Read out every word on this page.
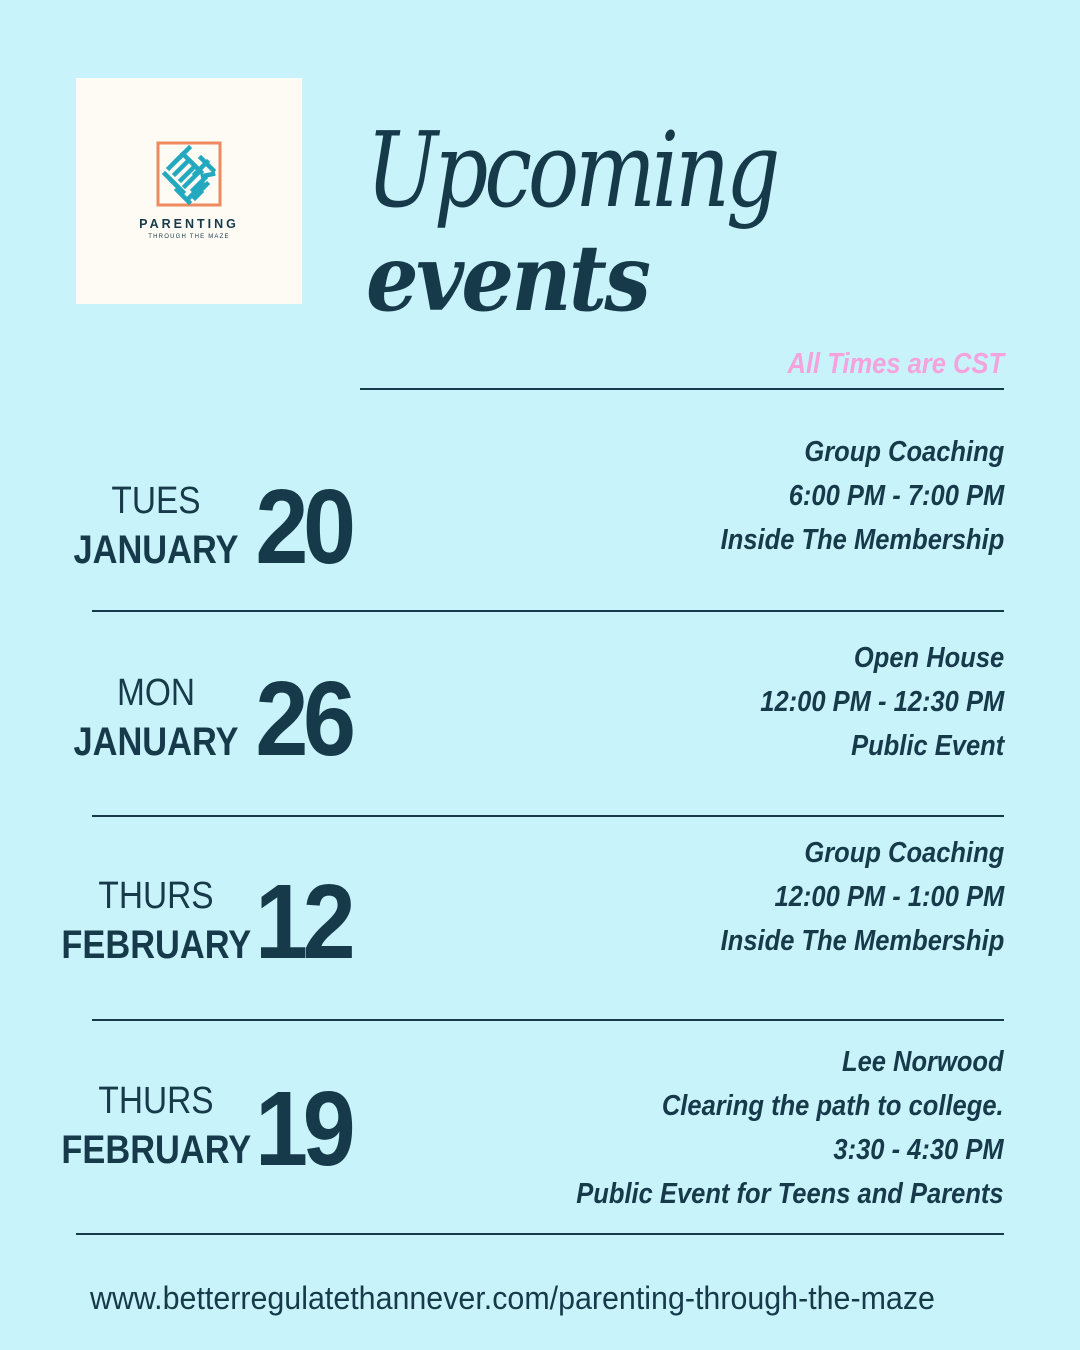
PARENTING
THROUGH THE MAZE
Upcoming
events
All Times are CST
TUES
JANUARY 20
Group Coaching
6:00 PM - 7:00 PM
Inside The Membership
MON
JANUARY 26
Open House
12:00 PM - 12:30 PM
Public Event
THURS
FEBRUARY 12
Group Coaching
12:00 PM - 1:00 PM
Inside The Membership
THURS
FEBRUARY 19
Lee Norwood
Clearing the path to college.
3:30 - 4:30 PM
Public Event for Teens and Parents
www.betterregulatethannever.com/parenting-through-the-maze
